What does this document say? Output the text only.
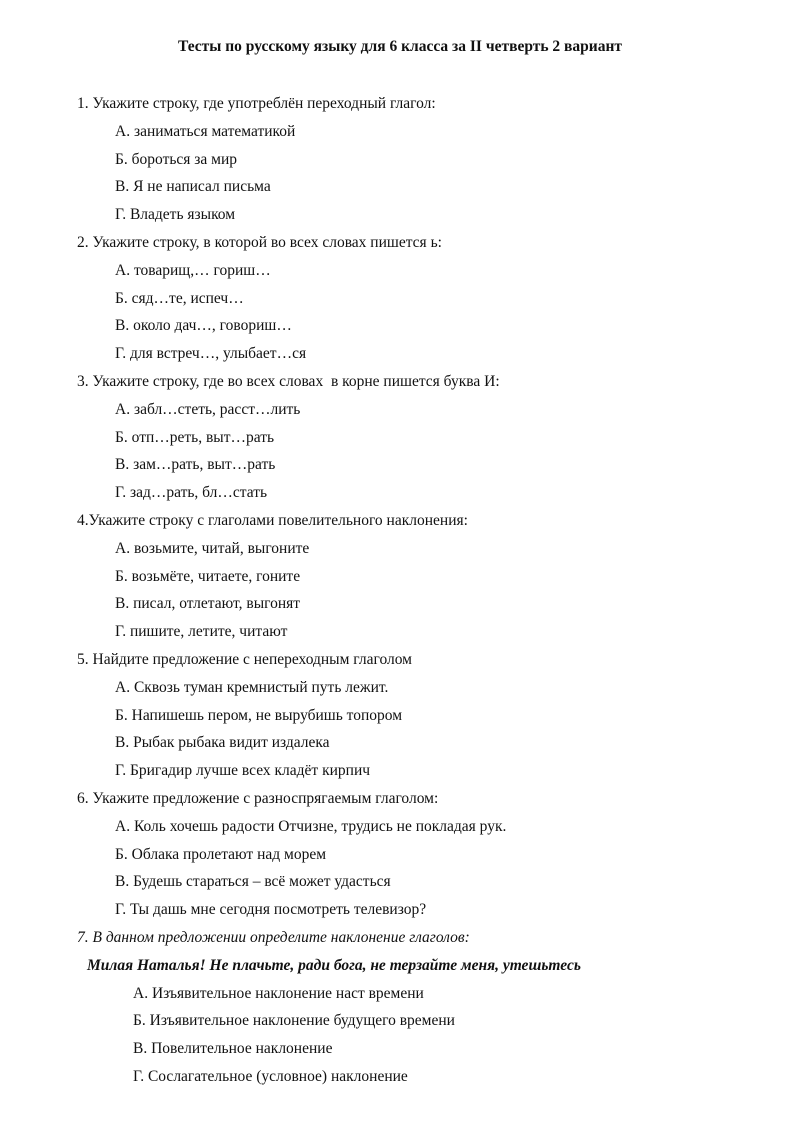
Тесты по русскому языку для 6 класса за II четверть 2 вариант
1. Укажите строку, где употреблён переходный глагол:
А. заниматься математикой
Б. бороться за мир
В. Я не написал письма
Г. Владеть языком
2. Укажите строку, в которой во всех словах пишется ь:
А. товарищ,… гориш…
Б. сяд…те, испеч…
В. около дач…, говориш…
Г. для встреч…, улыбает…ся
3. Укажите строку, где во всех словах  в корне пишется буква И:
А. забл…стеть, расст…лить
Б. отп…реть, выт…рать
В. зам…рать, выт…рать
Г. зад…рать, бл…стать
4.Укажите строку с глаголами повелительного наклонения:
А. возьмите, читай, выгоните
Б. возьмёте, читаете, гоните
В. писал, отлетают, выгонят
Г. пишите, летите, читают
5. Найдите предложение с непереходным глаголом
А. Сквозь туман кремнистый путь лежит.
Б. Напишешь пером, не вырубишь топором
В. Рыбак рыбака видит издалека
Г. Бригадир лучше всех кладёт кирпич
6. Укажите предложение с разноспрягаемым глаголом:
А. Коль хочешь радости Отчизне, трудись не покладая рук.
Б. Облака пролетают над морем
В. Будешь стараться – всё может удасться
Г. Ты дашь мне сегодня посмотреть телевизор?
7. В данном предложении определите наклонение глаголов:
Милая Наталья! Не плачьте, ради бога, не терзайте меня, утешьтесь
А. Изъявительное наклонение наст времени
Б. Изъявительное наклонение будущего времени
В. Повелительное наклонение
Г. Сослагательное (условное) наклонение
